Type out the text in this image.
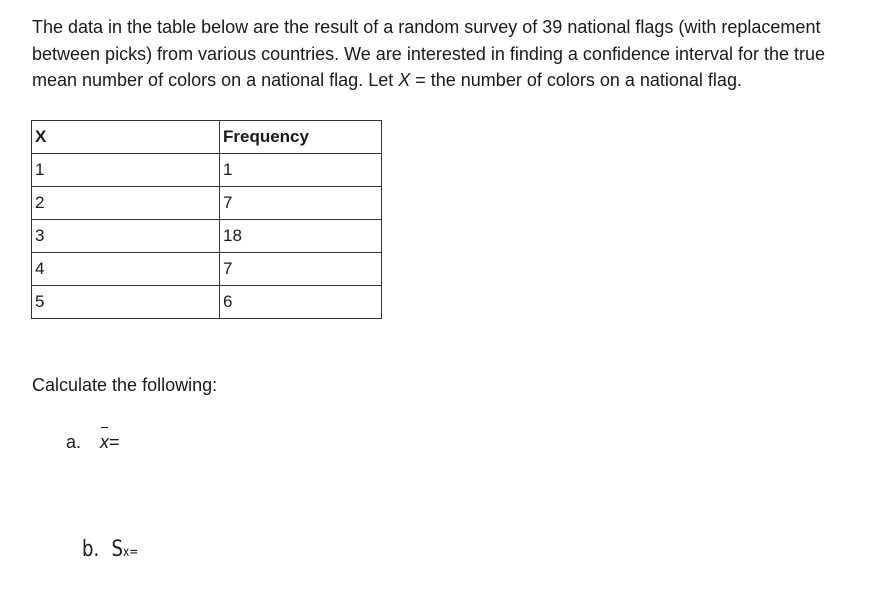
The data in the table below are the result of a random survey of 39 national flags (with replacement between picks) from various countries. We are interested in finding a confidence interval for the true mean number of colors on a national flag. Let X = the number of colors on a national flag.

X	Frequency
1	1
2	7
3	18
4	7
5	6

Calculate the following:

a.	x =
b. S x=
